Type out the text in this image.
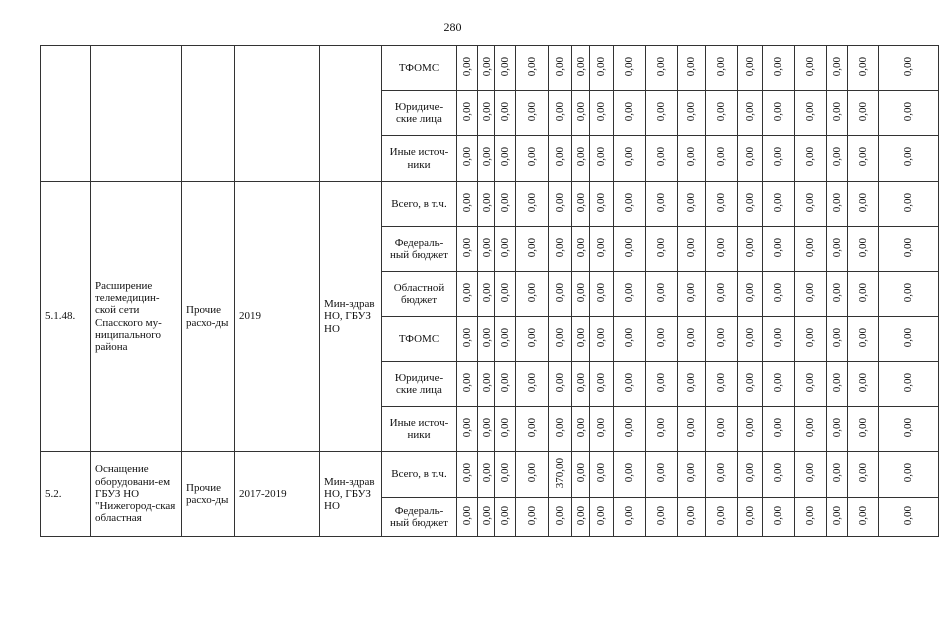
280
					ТФОМС	0,00	0,00	0,00	0,00	0,00	0,00	0,00	0,00	0,00	0,00	0,00	0,00	0,00	0,00	0,00	0,00	0,00	
					Юридиче-ские лица	0,00	0,00	0,00	0,00	0,00	0,00	0,00	0,00	0,00	0,00	0,00	0,00	0,00	0,00	0,00	0,00	0,00	
					Иные источ-ники	0,00	0,00	0,00	0,00	0,00	0,00	0,00	0,00	0,00	0,00	0,00	0,00	0,00	0,00	0,00	0,00	0,00	
5.1.48.	Расширение телемедицин-ской сети Спасского му-ниципального района	Прочие расхо-ды	2019	Мин-здрав НО, ГБУЗ НО	Всего, в т.ч.	0,00	0,00	0,00	0,00	0,00	0,00	0,00	0,00	0,00	0,00	0,00	0,00	0,00	0,00	0,00	0,00	0,00	
					Федераль-ный бюджет	0,00	0,00	0,00	0,00	0,00	0,00	0,00	0,00	0,00	0,00	0,00	0,00	0,00	0,00	0,00	0,00	0,00	
					Областной бюджет	0,00	0,00	0,00	0,00	0,00	0,00	0,00	0,00	0,00	0,00	0,00	0,00	0,00	0,00	0,00	0,00	0,00	
					ТФОМС	0,00	0,00	0,00	0,00	0,00	0,00	0,00	0,00	0,00	0,00	0,00	0,00	0,00	0,00	0,00	0,00	0,00	
					Юридиче-ские лица	0,00	0,00	0,00	0,00	0,00	0,00	0,00	0,00	0,00	0,00	0,00	0,00	0,00	0,00	0,00	0,00	0,00	
					Иные источ-ники	0,00	0,00	0,00	0,00	0,00	0,00	0,00	0,00	0,00	0,00	0,00	0,00	0,00	0,00	0,00	0,00	0,00	
5.2.	Оснащение оборудовани-ем ГБУЗ НО "Нижегород-ская областная	Прочие расхо-ды	2017-2019	Мин-здрав НО, ГБУЗ НО	Всего, в т.ч.	0,00	0,00	0,00	0,00	370,00	0,00	0,00	0,00	0,00	0,00	0,00	0,00	0,00	0,00	0,00	0,00	0,00	
					Федераль-ный бюджет	0,00	0,00	0,00	0,00	0,00	0,00	0,00	0,00	0,00	0,00	0,00	0,00	0,00	0,00	0,00	0,00	0,00	
